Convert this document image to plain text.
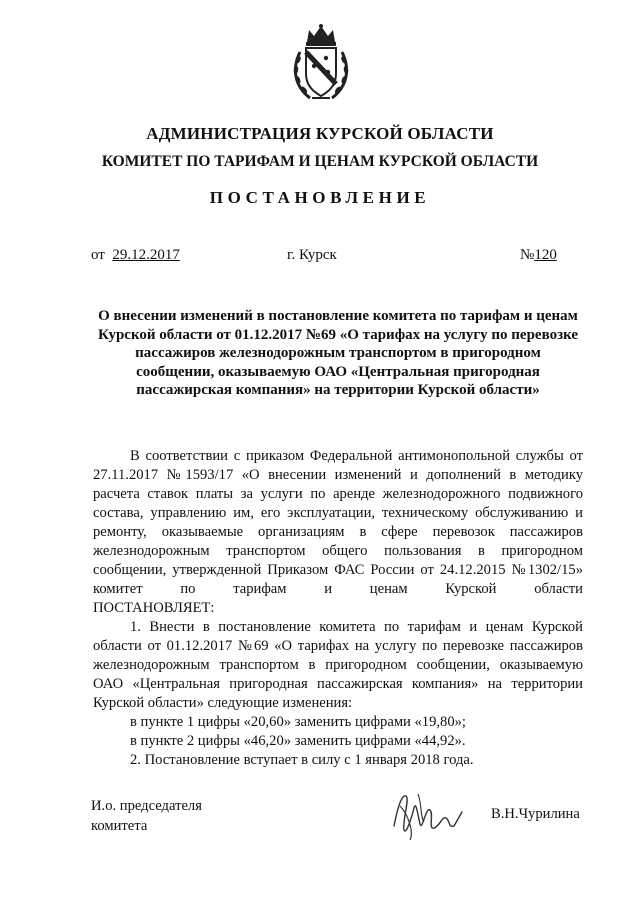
АДМИНИСТРАЦИЯ КУРСКОЙ ОБЛАСТИ
КОМИТЕТ ПО ТАРИФАМ И ЦЕНАМ КУРСКОЙ ОБЛАСТИ
ПОСТАНОВЛЕНИЕ
от 29.12.2017	г. Курск	№120
О внесении изменений в постановление комитета по тарифам и ценам
Курской области от 01.12.2017 №69 «О тарифах на услугу по перевозке
пассажиров железнодорожным транспортом в пригородном
сообщении, оказываемую ОАО «Центральная пригородная
пассажирская компания» на территории Курской области»

В соответствии с приказом Федеральной антимонопольной службы от 27.11.2017 №1593/17 «О внесении изменений и дополнений в методику расчета ставок платы за услуги по аренде железнодорожного подвижного состава, управлению им, его эксплуатации, техническому обслуживанию и ремонту, оказываемые организациям в сфере перевозок пассажиров железнодорожным транспортом общего пользования в пригородном сообщении, утвержденной Приказом ФАС России от 24.12.2015 №1302/15» комитет по тарифам и ценам Курской области

ПОСТАНОВЛЯЕТ:

1. Внести в постановление комитета по тарифам и ценам Курской области от 01.12.2017 №69 «О тарифах на услугу по перевозке пассажиров железнодорожным транспортом в пригородном сообщении, оказываемую ОАО «Центральная пригородная пассажирская компания» на территории Курской области» следующие изменения:

в пункте 1 цифры «20,60» заменить цифрами «19,80»;

в пункте 2 цифры «46,20» заменить цифрами «44,92».

2. Постановление вступает в силу с 1 января 2018 года.

И.о. председателя
комитета
В.Н.Чурилина
